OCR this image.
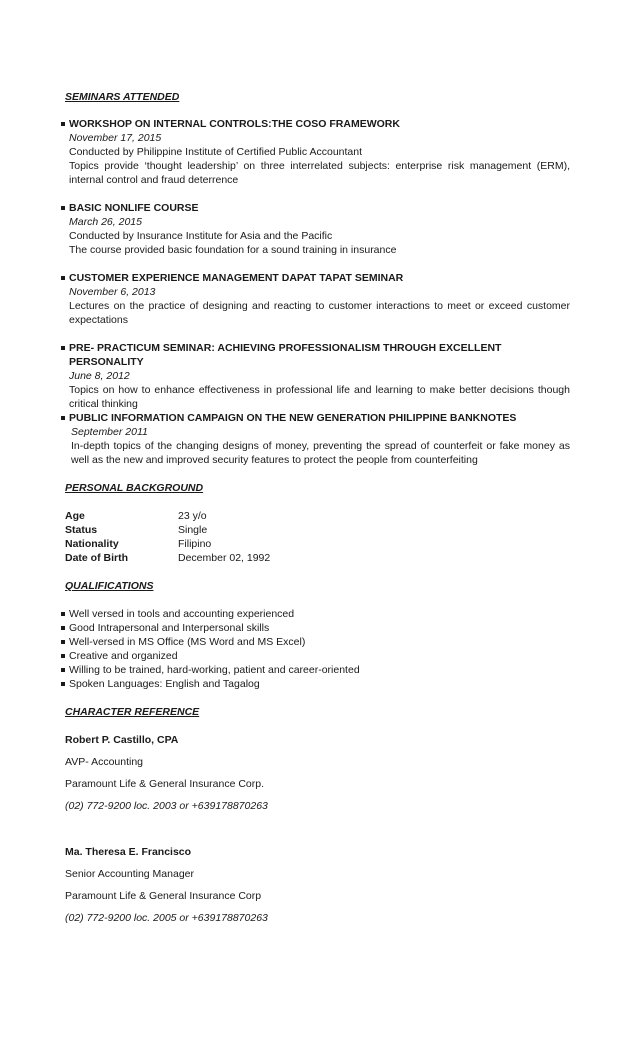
SEMINARS ATTENDED
WORKSHOP ON INTERNAL CONTROLS:THE COSO FRAMEWORK
November 17, 2015
Conducted by Philippine Institute of Certified Public Accountant
Topics provide ‘thought leadership’ on three interrelated subjects: enterprise risk management (ERM), internal control and fraud deterrence
BASIC NONLIFE COURSE
March 26, 2015
Conducted by Insurance Institute for Asia and the Pacific
The course provided basic foundation for a sound training in insurance
CUSTOMER EXPERIENCE MANAGEMENT DAPAT TAPAT SEMINAR
November 6, 2013
Lectures on the practice of designing and reacting to customer interactions to meet or exceed customer expectations
PRE- PRACTICUM SEMINAR: ACHIEVING PROFESSIONALISM THROUGH EXCELLENT PERSONALITY
June 8, 2012
Topics on how to enhance effectiveness in professional life and learning to make better decisions though critical thinking
PUBLIC INFORMATION CAMPAIGN ON THE NEW GENERATION PHILIPPINE BANKNOTES
September 2011
In-depth topics of the changing designs of money, preventing the spread of counterfeit or fake money as well as the new and improved security features to protect the people from counterfeiting
PERSONAL BACKGROUND
Age	23 y/o
Status	Single
Nationality	Filipino
Date of Birth	December 02, 1992
QUALIFICATIONS
Well versed in tools and accounting experienced
Good Intrapersonal and Interpersonal skills
Well-versed in MS Office (MS Word and MS Excel)
Creative and organized
Willing to be trained, hard-working, patient and career-oriented
Spoken Languages: English and Tagalog
CHARACTER REFERENCE
Robert P. Castillo, CPA
AVP- Accounting
Paramount Life & General Insurance Corp.
(02) 772-9200 loc. 2003 or +639178870263
Ma. Theresa E. Francisco
Senior Accounting Manager
Paramount Life & General Insurance Corp
(02) 772-9200 loc. 2005 or +639178870263
